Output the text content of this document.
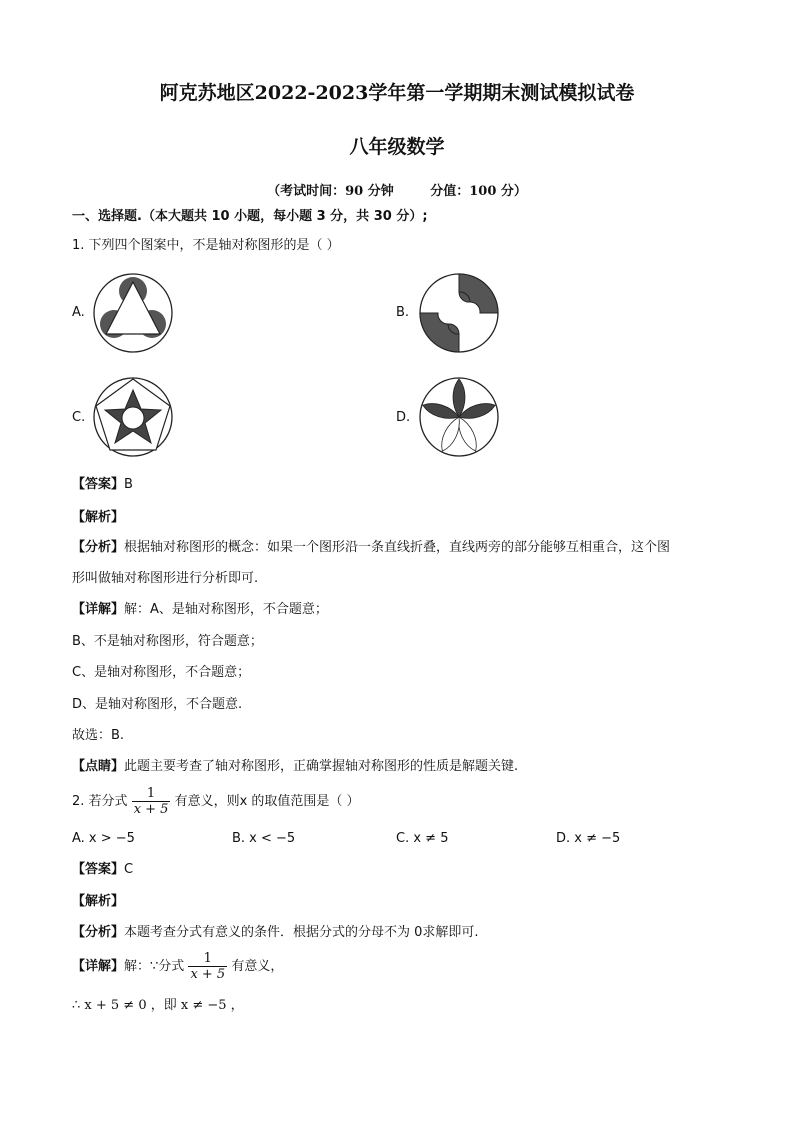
阿克苏地区2022-2023学年第一学期期末测试模拟试卷
八年级数学
（考试时间：90 分钟	分值：100 分）
一、选择题.（本大题共 10 小题，每小题 3 分，共 30 分）;
1. 下列四个图案中，不是轴对称图形的是（ ）
A.	B.
C.	D.
【答案】B
【解析】
【分析】根据轴对称图形的概念：如果一个图形沿一条直线折叠，直线两旁的部分能够互相重合，这个图
形叫做轴对称图形进行分析即可.
【详解】解：A、是轴对称图形，不合题意；
B、不是轴对称图形，符合题意；
C、是轴对称图形，不合题意；
D、是轴对称图形，不合题意.
故选：B.
【点睛】此题主要考查了轴对称图形，正确掌握轴对称图形的性质是解题关键.
2. 若分式 $\frac{1}{x + 5}$ 有意义，则x 的取值范围是（ ）
A. x > −5	B. x < −5	C. x ≠ 5	D. x ≠ −5
【答案】C
【解析】
【分析】本题考查分式有意义的条件．根据分式的分母不为 0求解即可.
【详解】解：∵分式 $\frac{1}{x + 5}$ 有意义，
∴ x + 5 ≠ 0 ，即 x ≠ −5 ，
